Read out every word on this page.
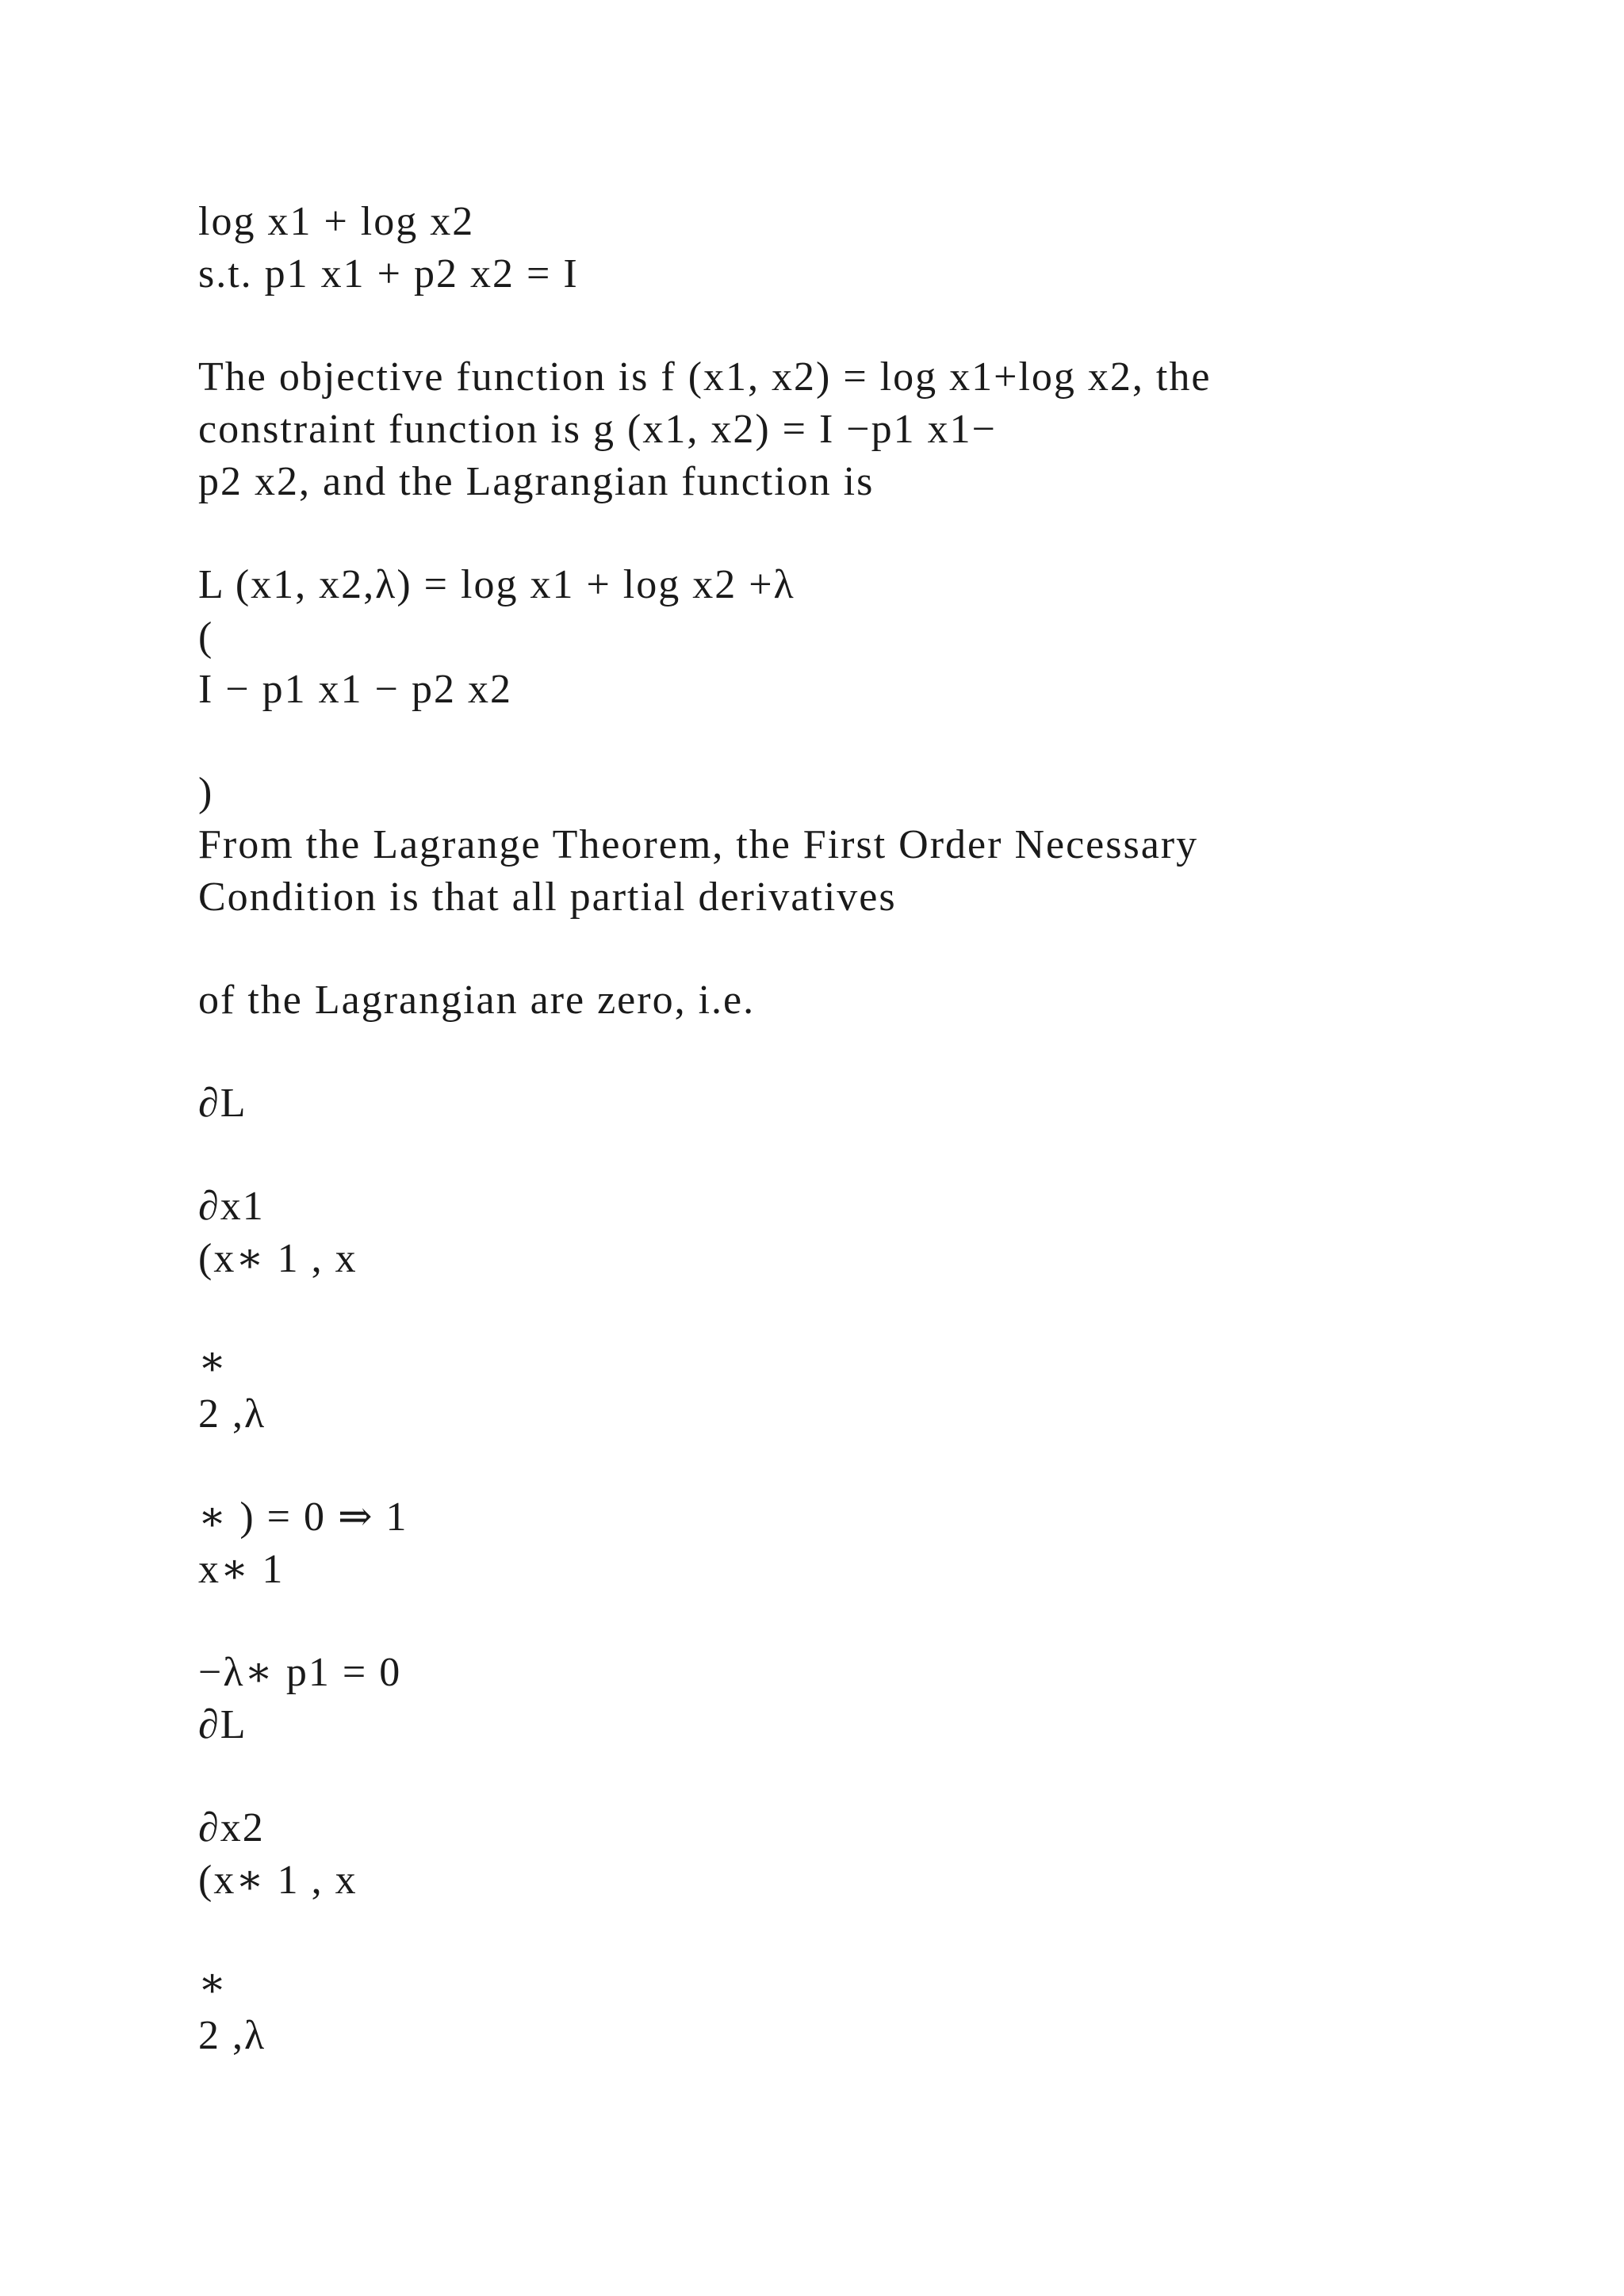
log x1 + log x2
s.t. p1 x1 + p2 x2 = I
The objective function is f (x1, x2) = log x1+log x2, the
constraint function is g (x1, x2) = I −p1 x1−
p2 x2, and the Lagrangian function is
L (x1, x2,λ) = log x1 + log x2 +λ
(
I − p1 x1 − p2 x2
)
From the Lagrange Theorem, the First Order Necessary
Condition is that all partial derivatives
of the Lagrangian are zero, i.e.
∂L
∂x1
(x∗ 1 , x
∗
2 ,λ
∗ ) = 0 ⇒ 1
x∗ 1
−λ∗ p1 = 0
∂L
∂x2
(x∗ 1 , x
∗
2 ,λ
